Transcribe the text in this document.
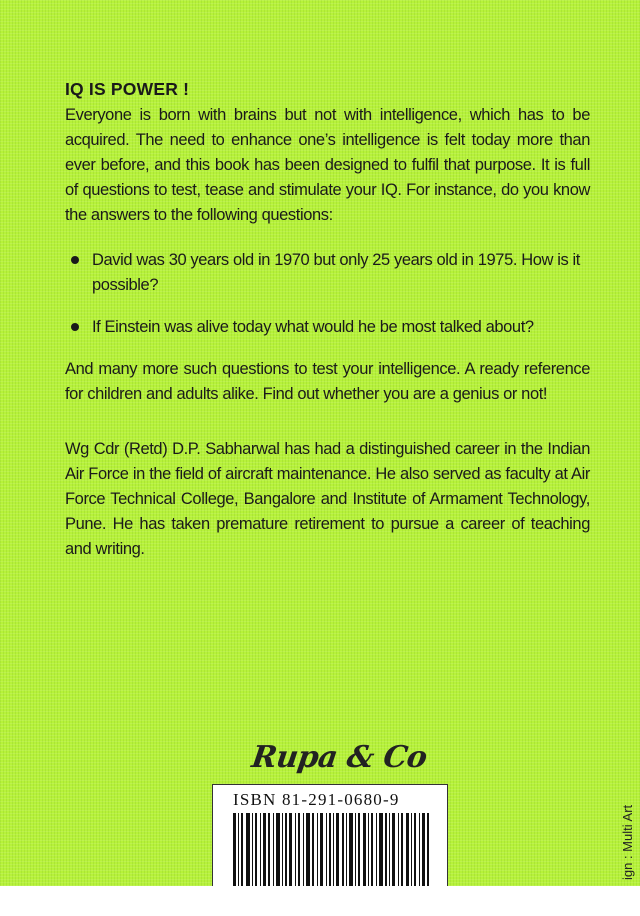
IQ IS POWER !

Everyone is born with brains but not with intelligence, which has to be acquired. The need to enhance one’s intelligence is felt today more than ever before, and this book has been designed to fulfil that purpose. It is full of questions to test, tease and stimulate your IQ. For instance, do you know the answers to the following questions:

David was 30 years old in 1970 but only 25 years old in 1975. How is it possible?
If Einstein was alive today what would he be most talked about?

And many more such questions to test your intelligence. A ready reference for children and adults alike. Find out whether you are a genius or not!

Wg Cdr (Retd) D.P. Sabharwal has had a distinguished career in the Indian Air Force in the field of aircraft maintenance. He also served as faculty at Air Force Technical College, Bangalore and Institute of Armament Technology, Pune. He has taken premature retirement to pursue a career of teaching and writing.

Rupa & Co
ISBN 81-291-0680-9
ign : Multi Art
